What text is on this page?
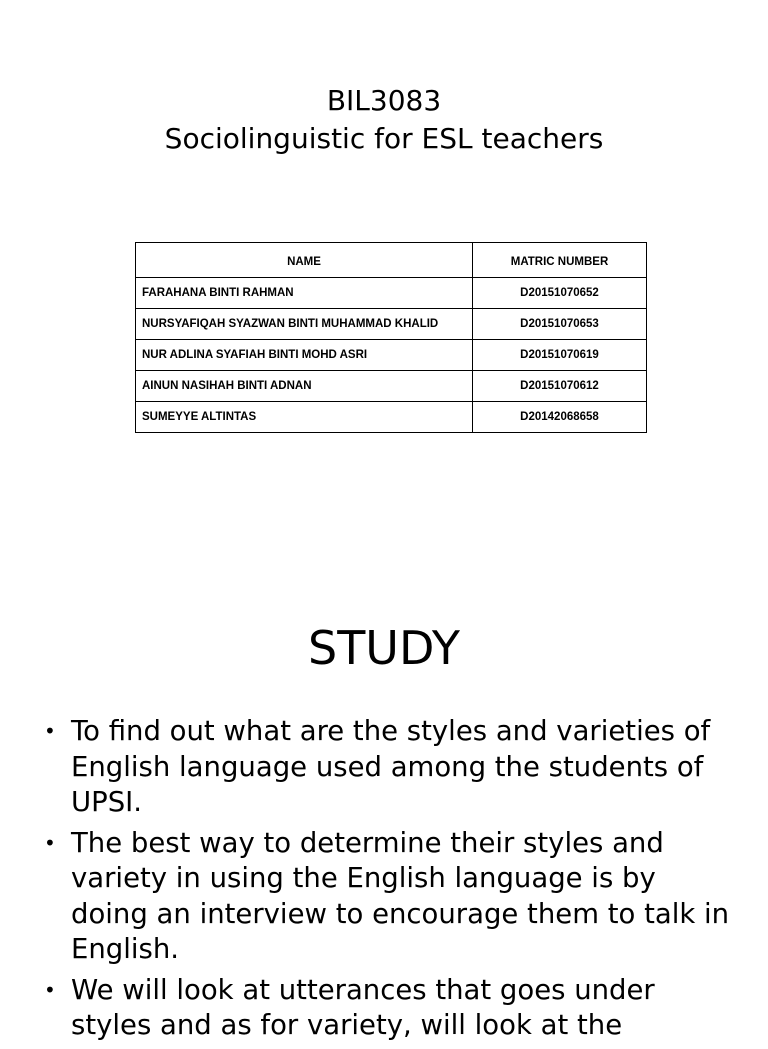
BIL3083
Sociolinguistic for ESL teachers
NAME	MATRIC NUMBER
FARAHANA BINTI RAHMAN	D20151070652
NURSYAFIQAH SYAZWAN BINTI MUHAMMAD KHALID	D20151070653
NUR ADLINA SYAFIAH BINTI MOHD ASRI	D20151070619
AINUN NASIHAH BINTI ADNAN	D20151070612
SUMEYYE ALTINTAS	D20142068658
STUDY
• To find out what are the styles and varieties of English language used among the students of UPSI.
• The best way to determine their styles and variety in using the English language is by doing an interview to encourage them to talk in English.
• We will look at utterances that goes under styles and as for variety, will look at the
